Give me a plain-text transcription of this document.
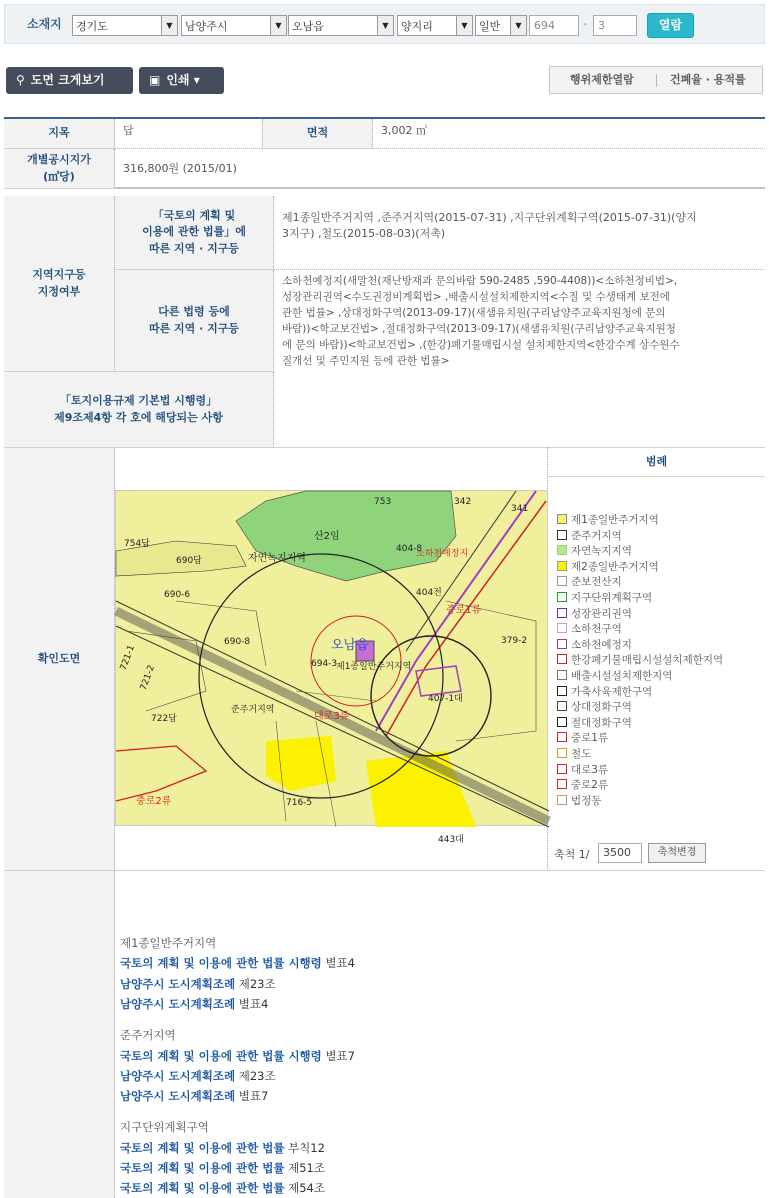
소재지	경기도	▼	남양주시	▼ 오남읍	▼	양지리	▼	일반	▼	694	-	3	열람
⚲ 도면 크게보기	▣ 인쇄 ▾	행위제한열람	건폐율 · 용적률
지목	답	면적	3,002 ㎡
개별공시지가
(㎡당)
316,800원 (2015/01)
지역지구등
지정여부
「국토의 계획 및
이용에 관한 법률」에
따른 지역 · 지구등
제1종일반주거지역 ,준주거지역(2015-07-31) ,지구단위계획구역(2015-07-31)(양지
3지구) ,철도(2015-08-03)(저촉)
다른 법령 등에
따른 지역 · 지구등
소하천예정지(새말천(재난방재과 문의바람 590-2485 ,590-4408))<소하천정비법>,
성장관리권역<수도권정비계획법> ,배출시설설치제한지역<수질 및 수생태계 보전에
관한 법률> ,상대정화구역(2013-09-17)(새샘유치원(구리남양주교육지원청에 문의
바람))<학교보건법> ,절대정화구역(2013-09-17)(새샘유치원(구리남양주교육지원청
에 문의 바람))<학교보건법> ,(한강)폐기물매립시설 설치제한지역<한강수계 상수원수
질개선 및 주민지원 등에 관한 법률>
「토지이용규제 기본법 시행령」
제9조제4항 각 호에 해당되는 사항
확인도면
범례
753	342
341
산2임
754답
690답	자연녹지지역
404-8
404전
690-6
690-8
694-3
제1종일반주거지역
379-2
721-1
721-2
722답
준주거지역
407-1대
443대
716-5
중로2류
오남읍
대로3류
소하천예정지
중로1류
제1종일반주거지역
준주거지역
자연녹지지역
제2종일반주거지역
준보전산지
지구단위계획구역
성장관리권역
소하천구역
소하천예정지
한강폐기물매립시설설치제한지역
배출시설설치제한지역
가축사육제한구역
상대정화구역
절대정화구역
중로1류
철도
대로3류
중로2류
법정동
축척 1/	3500	축척변경
제1종일반주거지역
국토의 계획 및 이용에 관한 법률 시행령 별표4
남양주시 도시계획조례 제23조
남양주시 도시계획조례 별표4
준주거지역
국토의 계획 및 이용에 관한 법률 시행령 별표7
남양주시 도시계획조례 제23조
남양주시 도시계획조례 별표7
지구단위계획구역
국토의 계획 및 이용에 관한 법률 부칙12
국토의 계획 및 이용에 관한 법률 제51조
국토의 계획 및 이용에 관한 법률 제54조
